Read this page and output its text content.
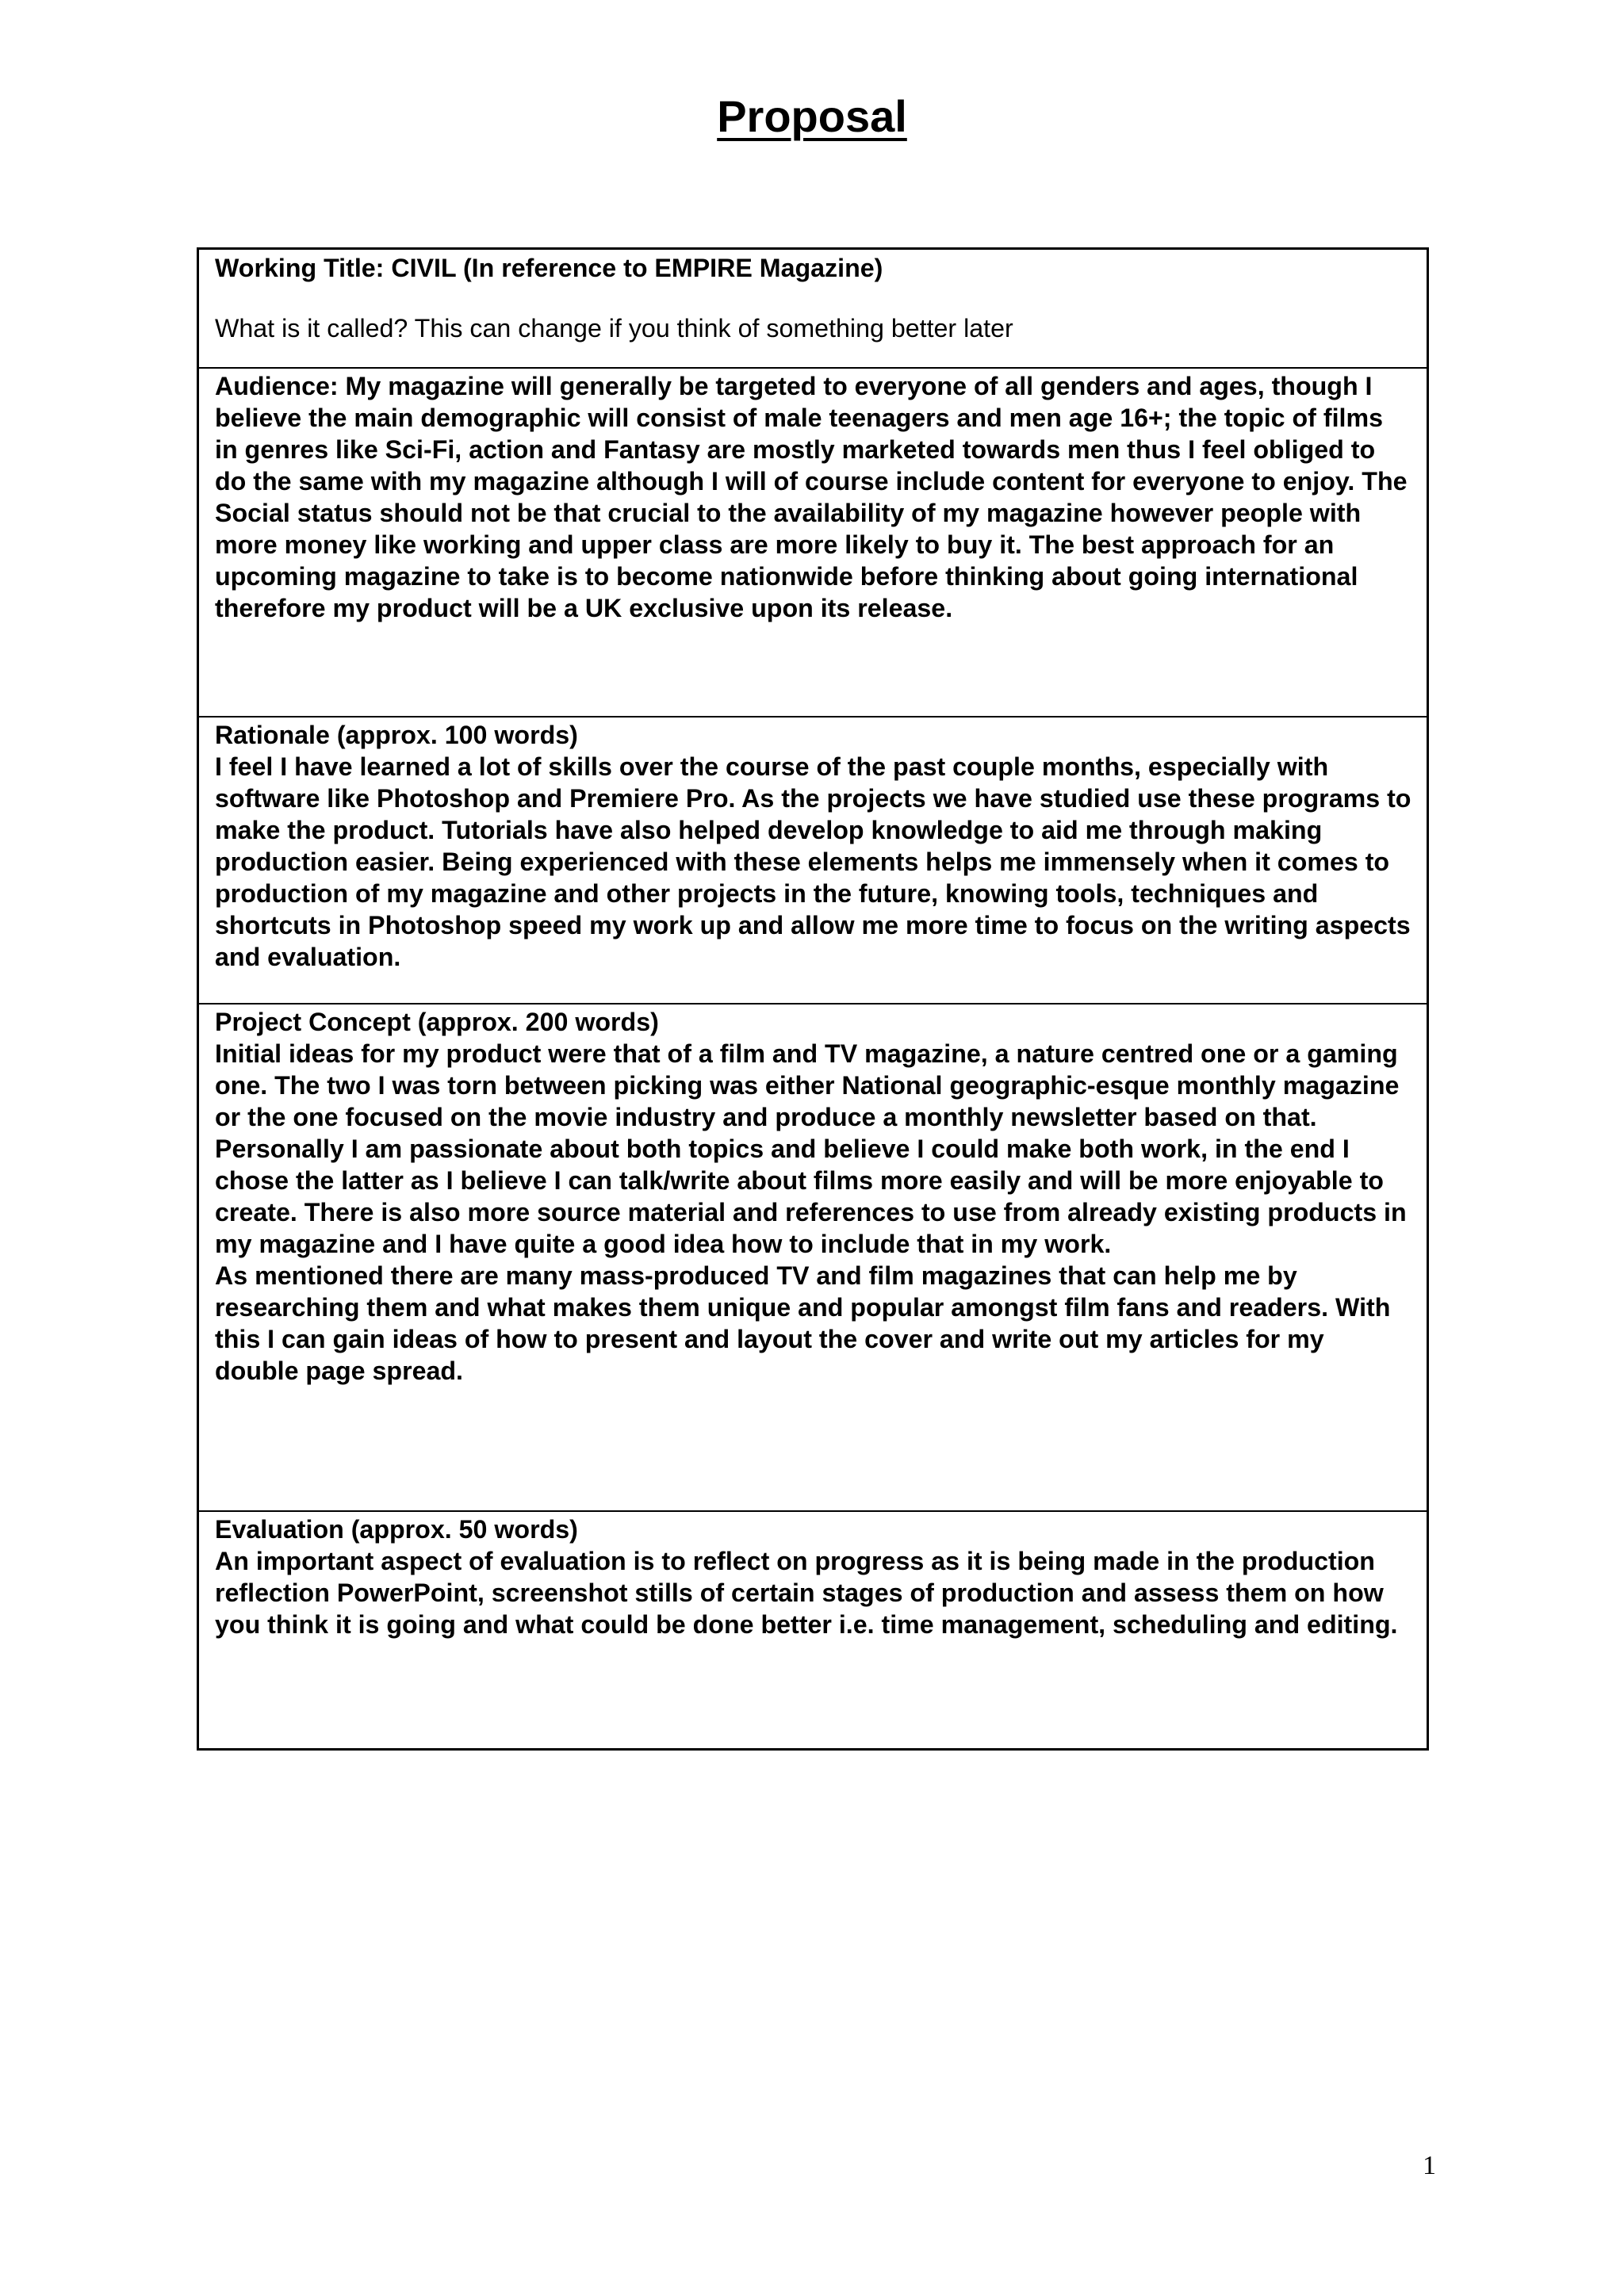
Proposal

Working Title: CIVIL (In reference to EMPIRE Magazine)

What is it called? This can change if you think of something better later

Audience: My magazine will generally be targeted to everyone of all genders and ages, though I believe the main demographic will consist of male teenagers and men age 16+; the topic of films in genres like Sci-Fi, action and Fantasy are mostly marketed towards men thus I feel obliged to do the same with my magazine although I will of course include content for everyone to enjoy. The Social status should not be that crucial to the availability of my magazine however people with more money like working and upper class are more likely to buy it. The best approach for an upcoming magazine to take is to become nationwide before thinking about going international therefore my product will be a UK exclusive upon its release.

Rationale (approx. 100 words)

I feel I have learned a lot of skills over the course of the past couple months, especially with software like Photoshop and Premiere Pro. As the projects we have studied use these programs to make the product. Tutorials have also helped develop knowledge to aid me through making production easier. Being experienced with these elements helps me immensely when it comes to production of my magazine and other projects in the future, knowing tools, techniques and shortcuts in Photoshop speed my work up and allow me more time to focus on the writing aspects and evaluation.

Project Concept (approx. 200 words)

Initial ideas for my product were that of a film and TV magazine, a nature centred one or a gaming one. The two I was torn between picking was either National geographic-esque monthly magazine or the one focused on the movie industry and produce a monthly newsletter based on that. Personally I am passionate about both topics and believe I could make both work, in the end I chose the latter as I believe I can talk/write about films more easily and will be more enjoyable to create. There is also more source material and references to use from already existing products in my magazine and I have quite a good idea how to include that in my work.

As mentioned there are many mass-produced TV and film magazines that can help me by researching them and what makes them unique and popular amongst film fans and readers. With this I can gain ideas of how to present and layout the cover and write out my articles for my double page spread.

Evaluation (approx. 50 words)

An important aspect of evaluation is to reflect on progress as it is being made in the production reflection PowerPoint, screenshot stills of certain stages of production and assess them on how you think it is going and what could be done better i.e. time management, scheduling and editing.

1
